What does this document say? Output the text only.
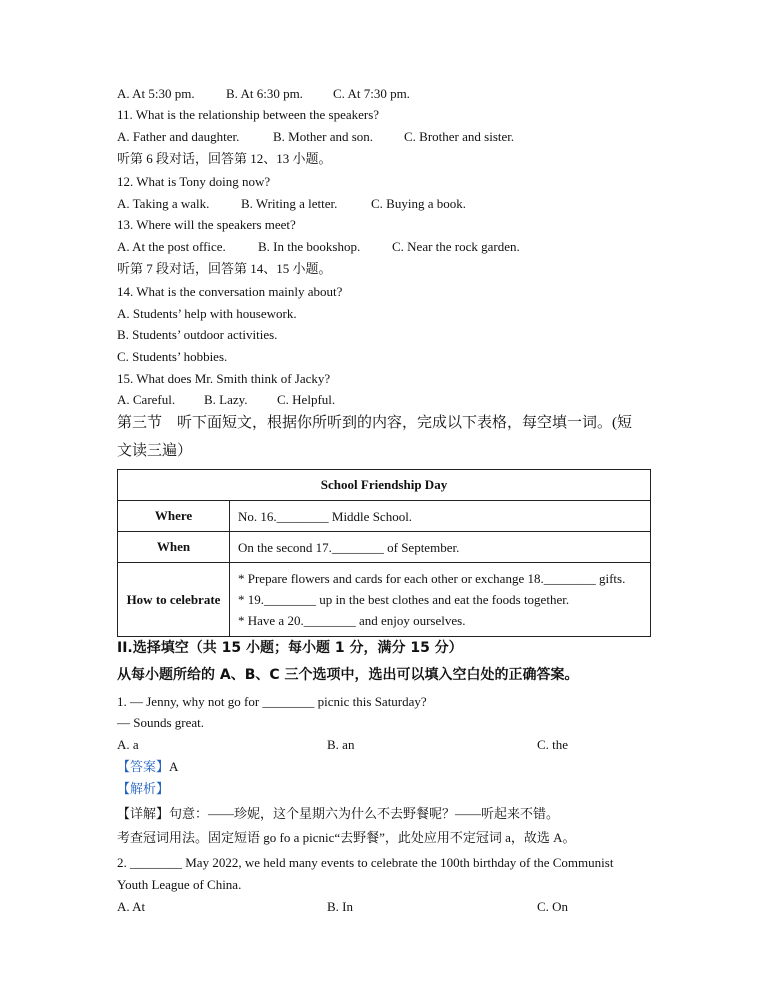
A. At 5:30 pm. B. At 6:30 pm. C. At 7:30 pm.
11. What is the relationship between the speakers?
A. Father and daughter.	B. Mother and son. C. Brother and sister.
听第 6 段对话，回答第 12、13 小题。
12. What is Tony doing now?
A. Taking a walk. B. Writing a letter.	C. Buying a book.
13. Where will the speakers meet?
A. At the post office. B. In the bookshop. C. Near the rock garden.
听第 7 段对话，回答第 14、15 小题。
14. What is the conversation mainly about?
A. Students’ help with housework.
B. Students’ outdoor activities.
C. Students’ hobbies.
15. What does Mr. Smith think of Jacky?
A. Careful. B. Lazy. C. Helpful.
第三节　听下面短文，根据你所听到的内容，完成以下表格，每空填一词。(短
文读三遍）
School Friendship Day	
Where	No. 16.________ Middle School.

When	On the second 17.________ of September.

How to celebrate	* Prepare flowers and cards for each other or exchange 18.________ gifts.
* 19.________ up in the best clothes and eat the foods together.
* Have a 20.________ and enjoy ourselves.
II.选择填空（共 15 小题；每小题 1 分，满分 15 分）
从每小题所给的 A、B、C 三个选项中，选出可以填入空白处的正确答案。
1. — Jenny, why not go for ________ picnic this Saturday?
— Sounds great.
A. a	B. an	C. the
【答案】A
【解析】
【详解】句意：——珍妮，这个星期六为什么不去野餐呢？——听起来不错。
考查冠词用法。固定短语 go fo a picnic“去野餐”，此处应用不定冠词 a，故选 A。
2. ________ May 2022, we held many events to celebrate the 100th birthday of the Communist
Youth League of China.
A. At	B. In	C. On
